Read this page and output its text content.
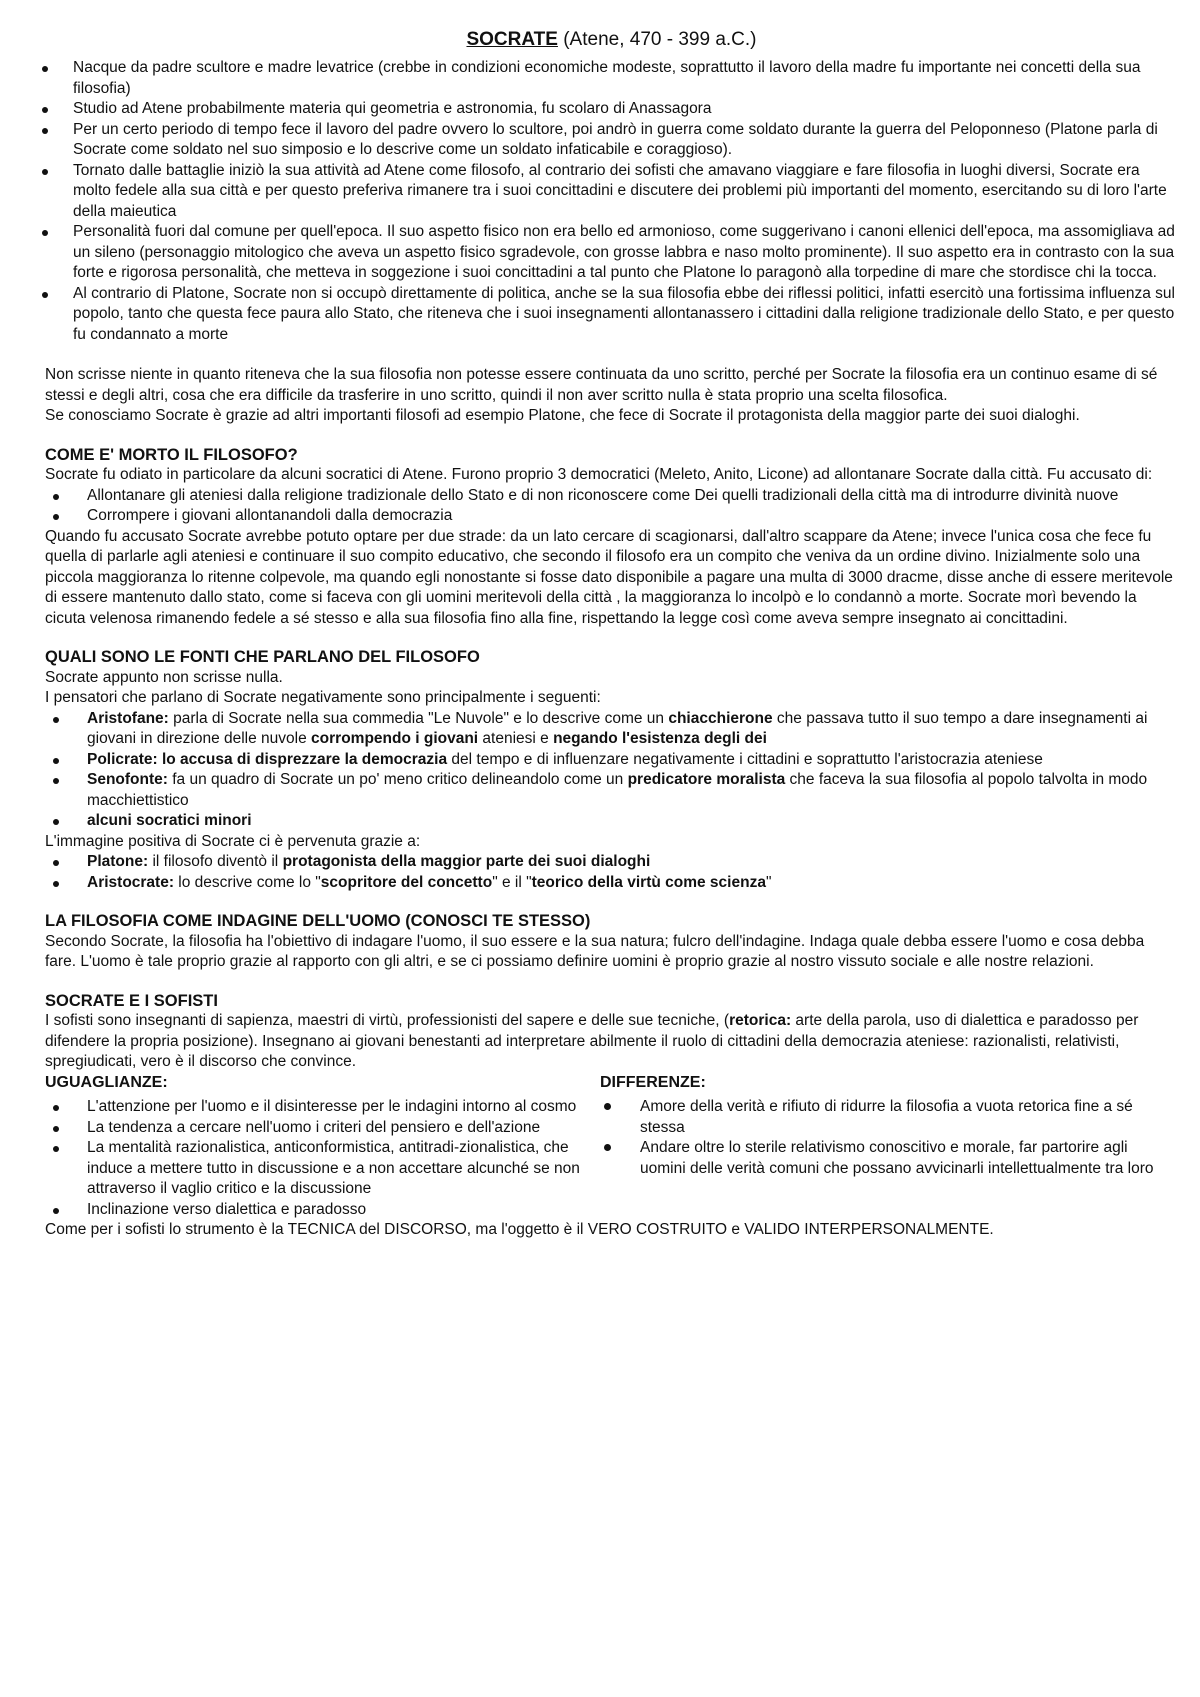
SOCRATE (Atene, 470 - 399 a.C.)
Nacque da padre scultore e madre levatrice (crebbe in condizioni economiche modeste, soprattutto il lavoro della madre fu importante nei concetti della sua filosofia)
Studio ad Atene probabilmente materia qui geometria e astronomia, fu scolaro di Anassagora
Per un certo periodo di tempo fece il lavoro del padre ovvero lo scultore, poi andrò in guerra come soldato durante la guerra del Peloponneso (Platone parla di Socrate come soldato nel suo simposio e lo descrive come un soldato infaticabile e coraggioso).
Tornato dalle battaglie iniziò la sua attività ad Atene come filosofo, al contrario dei sofisti che amavano viaggiare e fare filosofia in luoghi diversi, Socrate era molto fedele alla sua città e per questo preferiva rimanere tra i suoi concittadini e discutere dei problemi più importanti del momento, esercitando su di loro l'arte della maieutica
Personalità fuori dal comune per quell'epoca. Il suo aspetto fisico non era bello ed armonioso, come suggerivano i canoni ellenici dell'epoca, ma assomigliava ad un sileno (personaggio mitologico che aveva un aspetto fisico sgradevole, con grosse labbra e naso molto prominente). Il suo aspetto era in contrasto con la sua forte e rigorosa personalità, che metteva in soggezione i suoi concittadini a tal punto che Platone lo paragonò alla torpedine di mare che stordisce chi la tocca.
Al contrario di Platone, Socrate non si occupò direttamente di politica, anche se la sua filosofia ebbe dei riflessi politici, infatti esercitò una fortissima influenza sul popolo, tanto che questa fece paura allo Stato, che riteneva che i suoi insegnamenti allontanassero i cittadini dalla religione tradizionale dello Stato, e per questo fu condannato a morte

Non scrisse niente in quanto riteneva che la sua filosofia non potesse essere continuata da uno scritto, perché per Socrate la filosofia era un continuo esame di sé stessi e degli altri, cosa che era difficile da trasferire in uno scritto, quindi il non aver scritto nulla è stata proprio una scelta filosofica.

Se conosciamo Socrate è grazie ad altri importanti filosofi ad esempio Platone, che fece di Socrate il protagonista della maggior parte dei suoi dialoghi.

COME E' MORTO IL FILOSOFO?

Socrate fu odiato in particolare da alcuni socratici di Atene. Furono proprio 3 democratici (Meleto, Anito, Licone) ad allontanare Socrate dalla città. Fu accusato di:

Allontanare gli ateniesi dalla religione tradizionale dello Stato e di non riconoscere come Dei quelli tradizionali della città ma di introdurre divinità nuove
Corrompere i giovani allontanandoli dalla democrazia

Quando fu accusato Socrate avrebbe potuto optare per due strade: da un lato cercare di scagionarsi, dall'altro scappare da Atene; invece l'unica cosa che fece fu quella di parlarle agli ateniesi e continuare il suo compito educativo, che secondo il filosofo era un compito che veniva da un ordine divino. Inizialmente solo una piccola maggioranza lo ritenne colpevole, ma quando egli nonostante si fosse dato disponibile a pagare una multa di 3000 dracme, disse anche di essere meritevole di essere mantenuto dallo stato, come si faceva con gli uomini meritevoli della città , la maggioranza lo incolpò e lo condannò a morte. Socrate morì bevendo la cicuta velenosa rimanendo fedele a sé stesso e alla sua filosofia fino alla fine, rispettando la legge così come aveva sempre insegnato ai concittadini.

QUALI SONO LE FONTI CHE PARLANO DEL FILOSOFO

Socrate appunto non scrisse nulla.

I pensatori che parlano di Socrate negativamente sono principalmente i seguenti:

Aristofane: parla di Socrate nella sua commedia "Le Nuvole" e lo descrive come un chiacchierone che passava tutto il suo tempo a dare insegnamenti ai giovani in direzione delle nuvole corrompendo i giovani ateniesi e negando l'esistenza degli dei
Policrate: lo accusa di disprezzare la democrazia del tempo e di influenzare negativamente i cittadini e soprattutto l'aristocrazia ateniese
Senofonte: fa un quadro di Socrate un po' meno critico delineandolo come un predicatore moralista che faceva la sua filosofia al popolo talvolta in modo macchiettistico
alcuni socratici minori

L'immagine positiva di Socrate ci è pervenuta grazie a:

Platone: il filosofo diventò il protagonista della maggior parte dei suoi dialoghi
Aristocrate: lo descrive come lo "scopritore del concetto" e il "teorico della virtù come scienza"
LA FILOSOFIA COME INDAGINE DELL'UOMO (CONOSCI TE STESSO)

Secondo Socrate, la filosofia ha l'obiettivo di indagare l'uomo, il suo essere e la sua natura; fulcro dell'indagine. Indaga quale debba essere l'uomo e cosa debba fare. L'uomo è tale proprio grazie al rapporto con gli altri, e se ci possiamo definire uomini è proprio grazie al nostro vissuto sociale e alle nostre relazioni.

SOCRATE E I SOFISTI

I sofisti sono insegnanti di sapienza, maestri di virtù, professionisti del sapere e delle sue tecniche, (retorica: arte della parola, uso di dialettica e paradosso per difendere la propria posizione). Insegnano ai giovani benestanti ad interpretare abilmente il ruolo di cittadini della democrazia ateniese: razionalisti, relativisti, spregiudicati, vero è il discorso che convince.

UGUAGLIANZE:
L'attenzione per l'uomo e il disinteresse per le indagini intorno al cosmo
La tendenza a cercare nell'uomo i criteri del pensiero e dell'azione
La mentalità razionalistica, anticonformistica, antitradi-zionalistica, che induce a mettere tutto in discussione e a non accettare alcunché se non attraverso il vaglio critico e la discussione
Inclinazione verso dialettica e paradosso
DIFFERENZE:
Amore della verità e rifiuto di ridurre la filosofia a vuota retorica fine a sé stessa
Andare oltre lo sterile relativismo conoscitivo e morale, far partorire agli uomini delle verità comuni che possano avvicinarli intellettualmente tra loro

Come per i sofisti lo strumento è la TECNICA del DISCORSO, ma l'oggetto è il VERO COSTRUITO e VALIDO INTERPERSONALMENTE.
